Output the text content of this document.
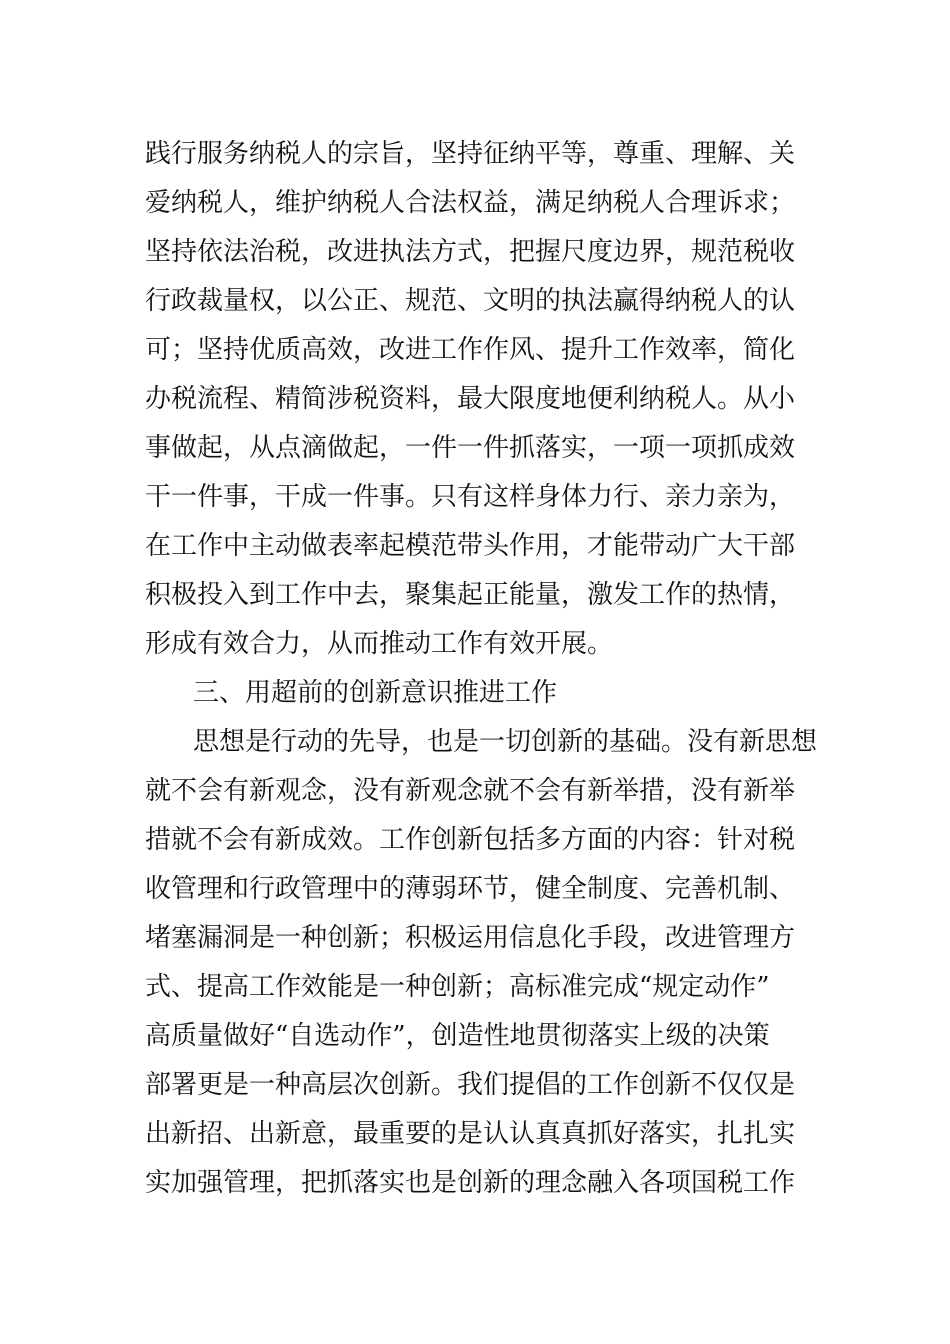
践行服务纳税人的宗旨，坚持征纳平等，尊重、理解、关
爱纳税人，维护纳税人合法权益，满足纳税人合理诉求；
坚持依法治税，改进执法方式，把握尺度边界，规范税收
行政裁量权，以公正、规范、文明的执法赢得纳税人的认
可；坚持优质高效，改进工作作风、提升工作效率，简化
办税流程、精简涉税资料，最大限度地便利纳税人。从小
事做起，从点滴做起，一件一件抓落实，一项一项抓成效
干一件事，干成一件事。只有这样身体力行、亲力亲为，
在工作中主动做表率起模范带头作用，才能带动广大干部
积极投入到工作中去，聚集起正能量，激发工作的热情，
形成有效合力，从而推动工作有效开展。
三、用超前的创新意识推进工作
思想是行动的先导，也是一切创新的基础。没有新思想
就不会有新观念，没有新观念就不会有新举措，没有新举
措就不会有新成效。工作创新包括多方面的内容：针对税
收管理和行政管理中的薄弱环节，健全制度、完善机制、
堵塞漏洞是一种创新；积极运用信息化手段，改进管理方
式、提高工作效能是一种创新；高标准完成“规定动作”
高质量做好“自选动作”，创造性地贯彻落实上级的决策
部署更是一种高层次创新。我们提倡的工作创新不仅仅是
出新招、出新意，最重要的是认认真真抓好落实，扎扎实
实加强管理，把抓落实也是创新的理念融入各项国税工作
